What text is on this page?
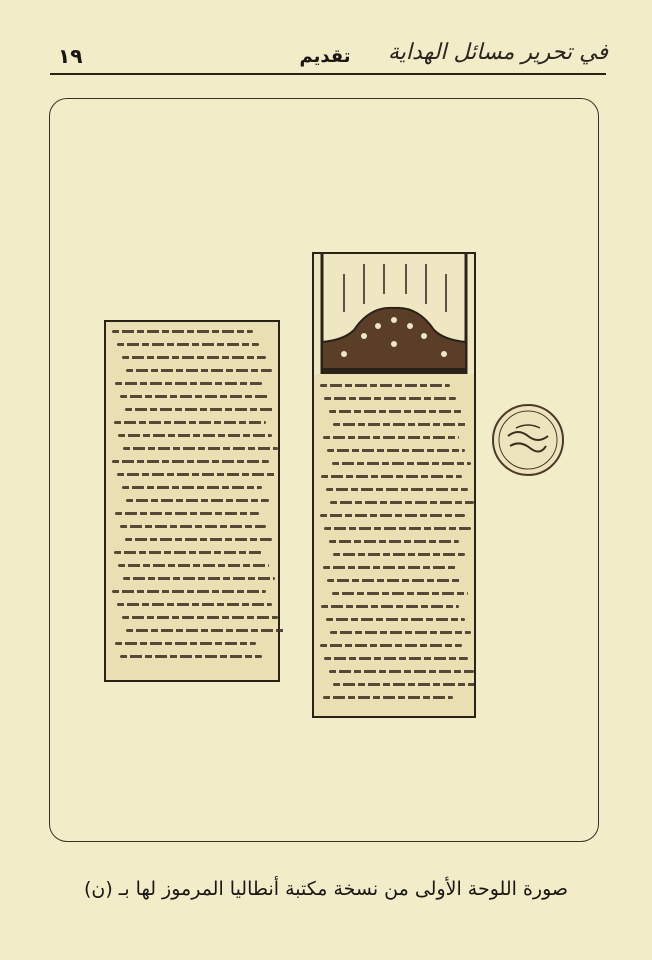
١٩	تقديم	في تحرير مسائل الهداية
صورة اللوحة الأولى من نسخة مكتبة أنطاليا المرموز لها بـ (ن)
